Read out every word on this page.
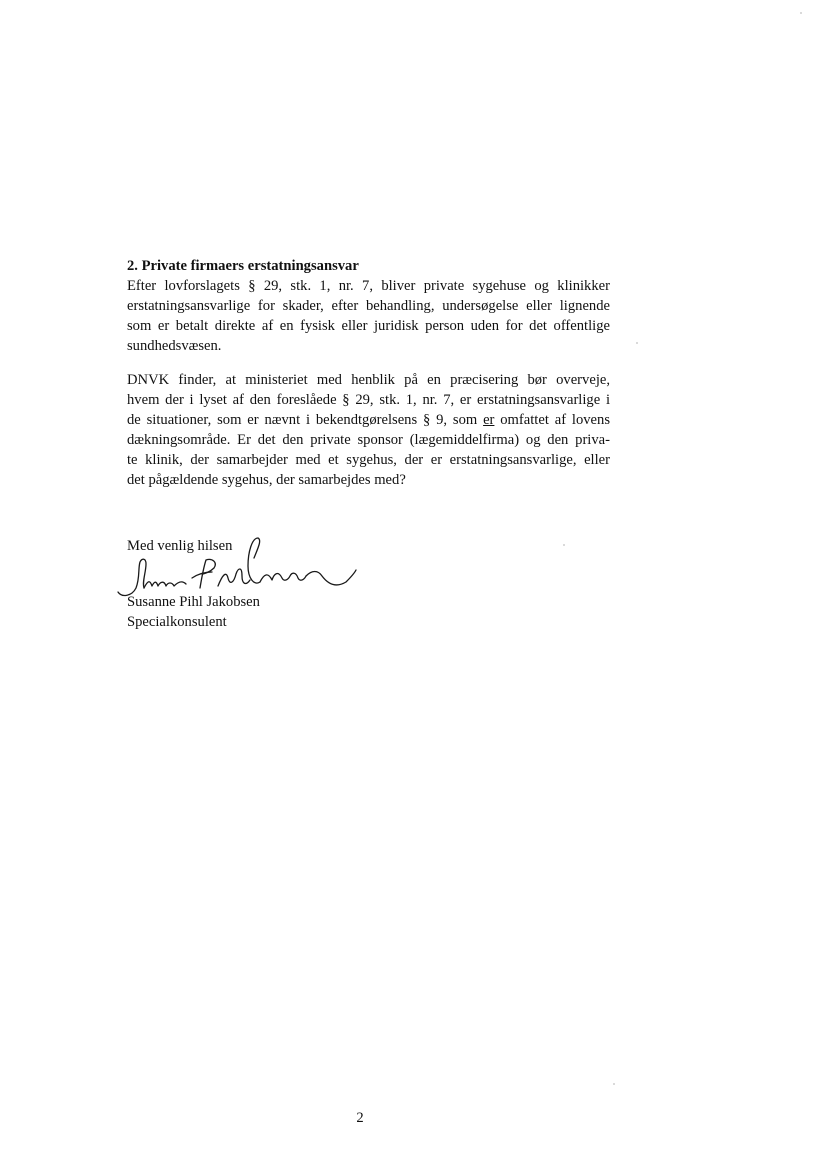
2. Private firmaers erstatningsansvar
Efter lovforslagets § 29, stk. 1, nr. 7, bliver private sygehuse og klinikker
erstatningsansvarlige for skader, efter behandling, undersøgelse eller lignende
som er betalt direkte af en fysisk eller juridisk person uden for det offentlige
sundhedsvæsen.
DNVK finder, at ministeriet med henblik på en præcisering bør overveje,
hvem der i lyset af den foreslåede § 29, stk. 1, nr. 7, er erstatningsansvarlige i
de situationer, som er nævnt i bekendtgørelsens § 9, som er omfattet af lovens
dækningsområde. Er det den private sponsor (lægemiddelfirma) og den priva-
te klinik, der samarbejder med et sygehus, der er erstatningsansvarlige, eller
det pågældende sygehus, der samarbejdes med?
Med venlig hilsen
Susanne Pihl Jakobsen
Specialkonsulent
2
